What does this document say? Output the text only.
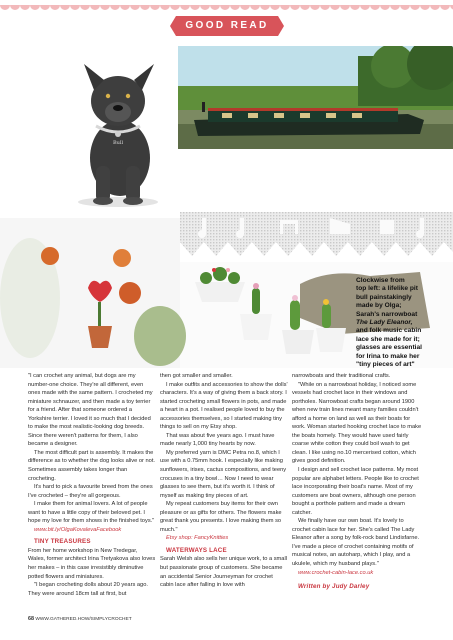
GOOD READ
Bull
Clockwise from
top left: a lifelike pit
bull painstakingly
made by Olga;
Sarah's narrowboat
The Lady Eleanor,
and folk music cabin
lace she made for it;
glasses are essential
for Irina to make her
"tiny pieces of art"

"I can crochet any animal, but dogs are my number-one choice. They're all different, even ones made with the same pattern. I crocheted my miniature schnauzer, and then made a toy terrier for a friend. After that someone ordered a Yorkshire terrier. I loved it so much that I decided to make the most realistic-looking dog breeds. Since there weren't patterns for them, I also became a designer.

The most difficult part is assembly. It makes the difference as to whether the dog looks alive or not. Sometimes assembly takes longer than crocheting.

It's hard to pick a favourite breed from the ones I've crocheted – they're all gorgeous.

I make them for animal lovers. A lot of people want to have a little copy of their beloved pet. I hope my love for them shows in the finished toys."

www.bit.ly/OlgaKovalevaFacebook

TINY TREASURES

From her home workshop in New Tredegar, Wales, former architect Irina Tretyakova also loves her makes – in this case irresistibly diminutive potted flowers and miniatures.

"I began crocheting dolls about 20 years ago. They were around 18cm tall at first, but

then got smaller and smaller.

I make outfits and accessories to show the dolls' characters. It's a way of giving them a back story. I started crocheting small flowers in pots, and made a heart in a pot. I realised people loved to buy the accessories themselves, so I started making tiny things to sell on my Etsy shop.

That was about five years ago. I must have made nearly 1,000 tiny hearts by now.

My preferred yarn is DMC Petra no.8, which I use with a 0.75mm hook. I especially like making sunflowers, irises, cactus compositions, and teeny crocuses in a tiny bowl… Now I need to wear glasses to see them, but it's worth it. I think of myself as making tiny pieces of art.

My repeat customers buy items for their own pleasure or as gifts for others. The flowers make great thank you presents. I love making them so much."

Etsy shop: FancyKnitties

WATERWAYS LACE

Sarah Welsh also sells her unique work, to a small but passionate group of customers. She became an accidental Senior Journeyman for crochet cabin lace after falling in love with

narrowboats and their traditional crafts.

"While on a narrowboat holiday, I noticed some vessels had crochet lace in their windows and portholes. Narrowboat crafts began around 1900 when new train lines meant many families couldn't afford a home on land as well as their boats for work. Woman started hooking crochet lace to make the boats homely. They would have used fairly coarse white cotton they could boil wash to get clean. I like using no.10 mercerised cotton, which gives good definition.

I design and sell crochet lace patterns. My most popular are alphabet letters. People like to crochet lace incorporating their boat's name. Most of my customers are boat owners, although one person bought a porthole pattern and made a dream catcher.

We finally have our own boat. It's lovely to crochet cabin lace for her. She's called The Lady Eleanor after a song by folk-rock band Lindisfarne. I've made a piece of crochet containing motifs of musical notes, an autoharp, which I play, and a ukulele, which my husband plays."

www.crochet-cabin-lace.co.uk

Written by Judy Darley

68 WWW.GATHERED.HOW/SIMPLYCROCHET
